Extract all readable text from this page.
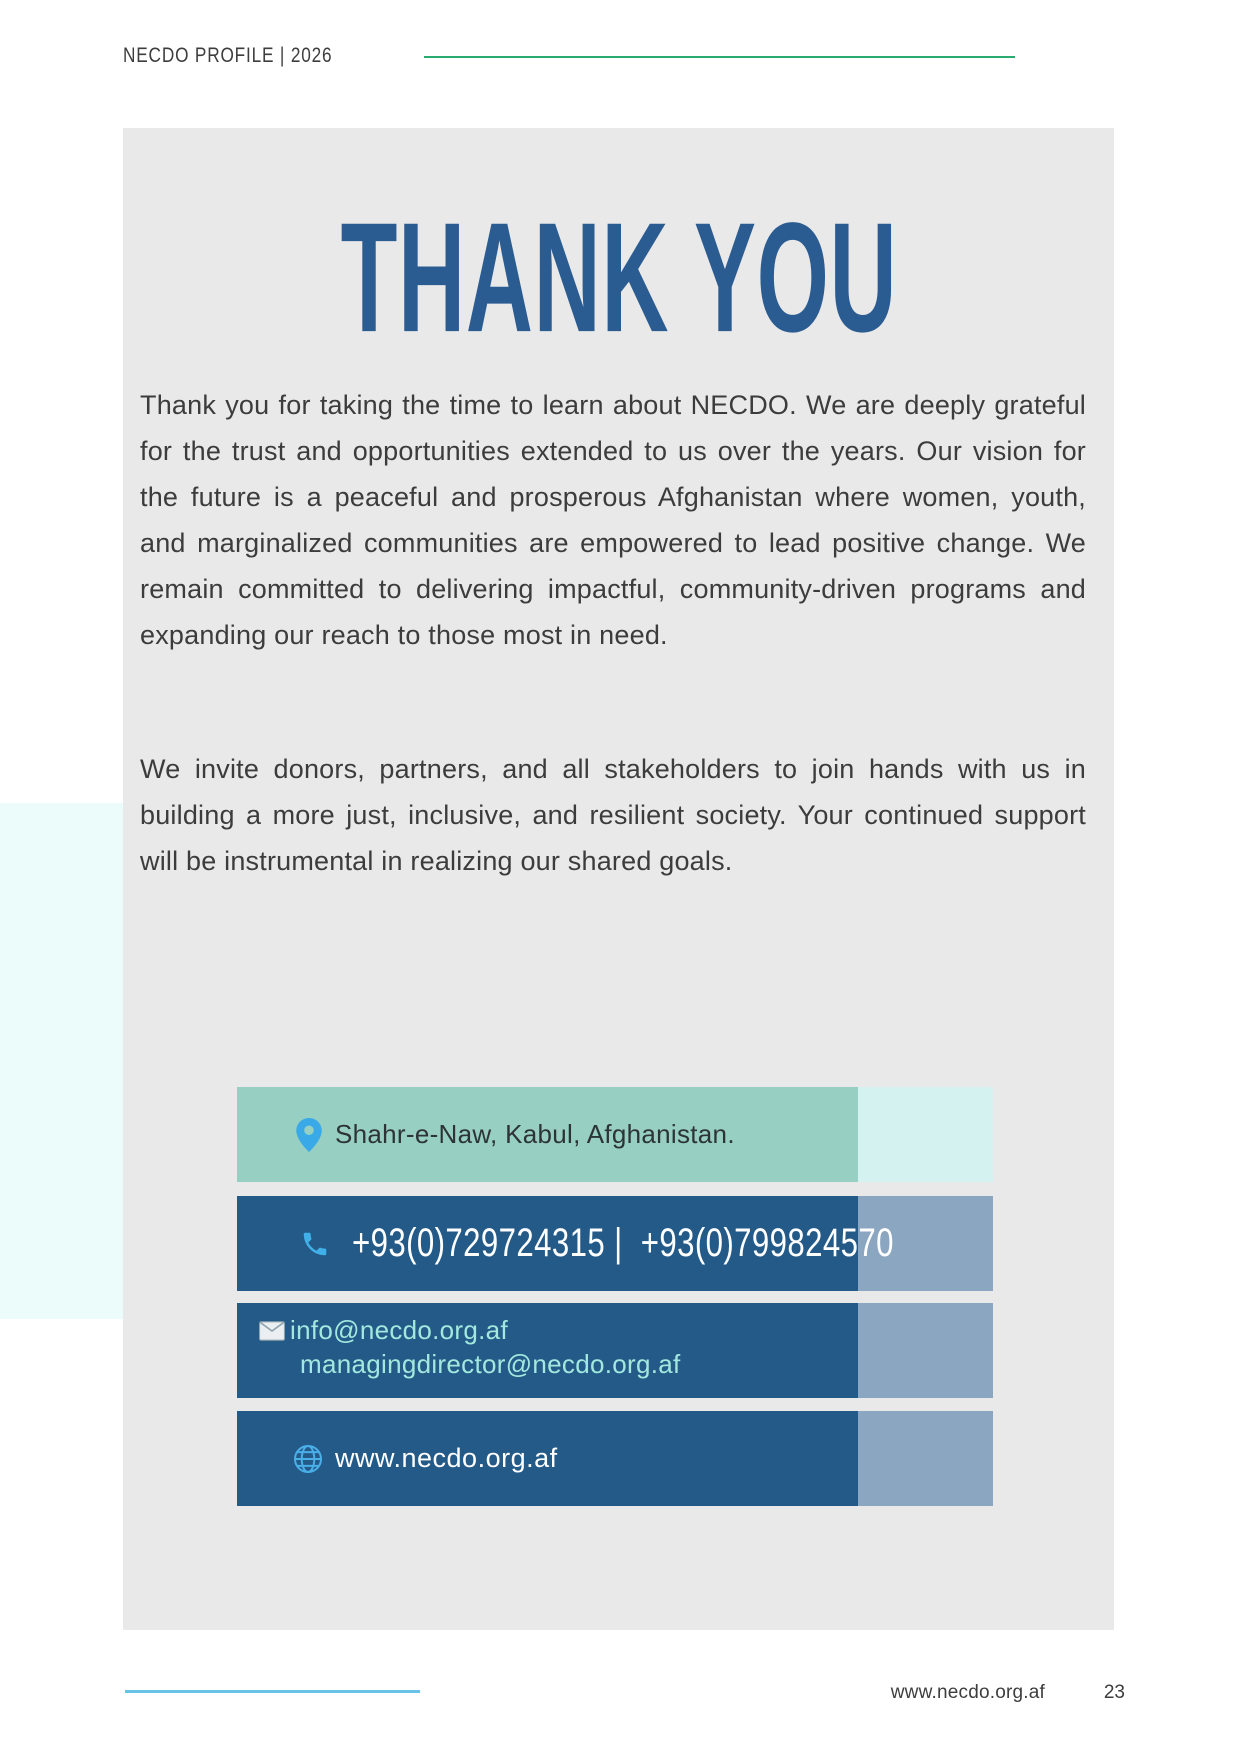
NECDO PROFILE | 2026
THANK YOU

Thank you for taking the time to learn about NECDO. We are deeply grateful for the trust and opportunities extended to us over the years. Our vision for the future is a peaceful and prosperous Afghanistan where women, youth, and marginalized communities are empowered to lead positive change. We remain committed to delivering impactful, community-driven programs and expanding our reach to those most in need.

We invite donors, partners, and all stakeholders to join hands with us in building a more just, inclusive, and resilient society. Your continued support will be instrumental in realizing our shared goals.

Shahr-e-Naw, Kabul, Afghanistan.
+93(0)729724315 |  +93(0)799824570
info@necdo.org.af
managingdirector@necdo.org.af
www.necdo.org.af
www.necdo.org.af	23
